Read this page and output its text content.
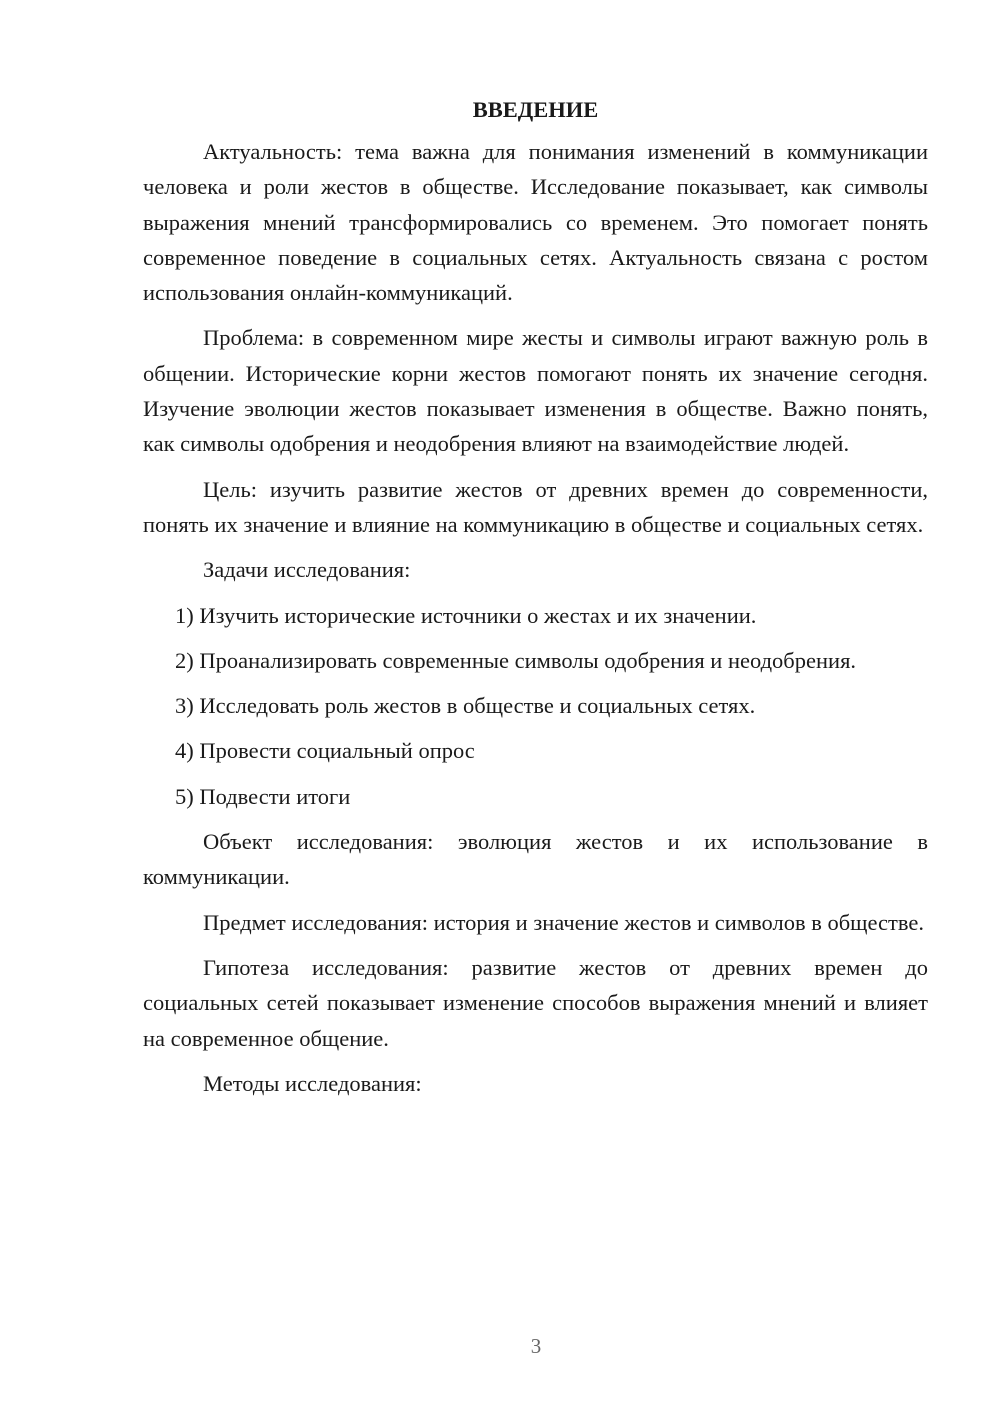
ВВЕДЕНИЕ

Актуальность: тема важна для понимания изменений в коммуникации человека и роли жестов в обществе. Исследование показывает, как символы выражения мнений трансформировались со временем. Это помогает понять современное поведение в социальных сетях. Актуальность связана с ростом использования онлайн-коммуникаций.

Проблема: в современном мире жесты и символы играют важную роль в общении. Исторические корни жестов помогают понять их значение сегодня. Изучение эволюции жестов показывает изменения в обществе. Важно понять, как символы одобрения и неодобрения влияют на взаимодействие людей.

Цель: изучить развитие жестов от древних времен до современности, понять их значение и влияние на коммуникацию в обществе и социальных сетях.

Задачи исследования:

1) Изучить исторические источники о жестах и их значении.

2) Проанализировать современные символы одобрения и неодобрения.

3) Исследовать роль жестов в обществе и социальных сетях.

4) Провести социальный опрос

5) Подвести итоги

Объект исследования: эволюция жестов и их использование в коммуникации.

Предмет исследования: история и значение жестов и символов в обществе.

Гипотеза исследования: развитие жестов от древних времен до социальных сетей показывает изменение способов выражения мнений и влияет на современное общение.

Методы исследования:

3
